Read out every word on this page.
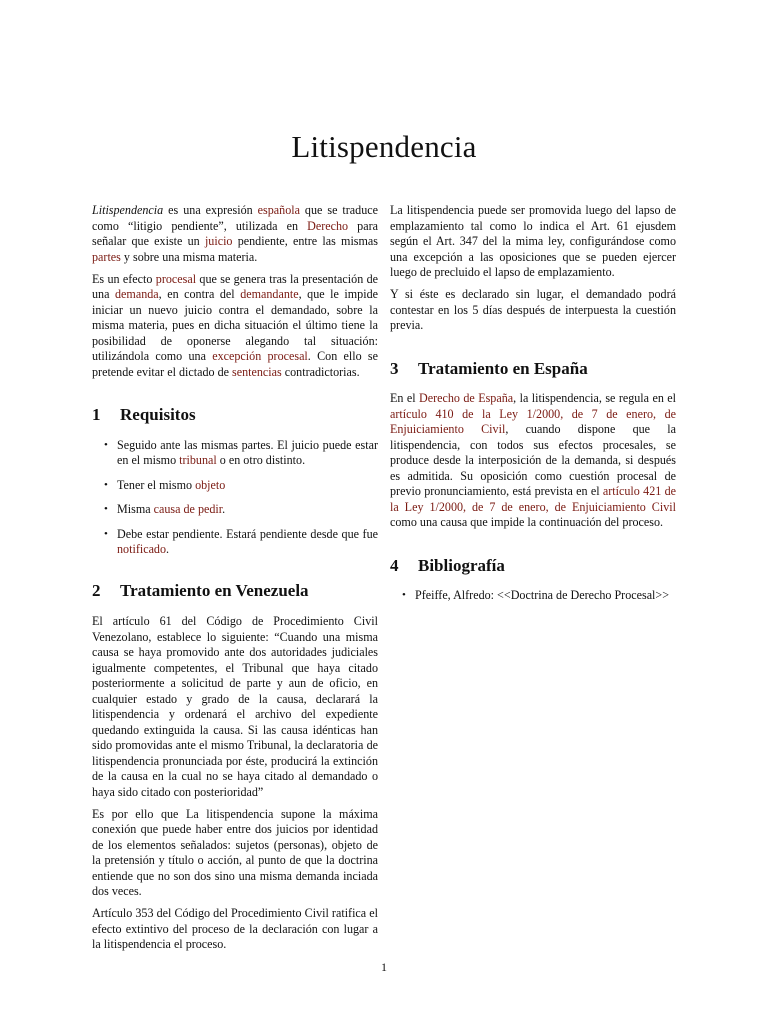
Litispendencia

Litispendencia es una expresión española que se traduce como “litigio pendiente”, utilizada en Derecho para señalar que existe un juicio pendiente, entre las mismas partes y sobre una misma materia.

Es un efecto procesal que se genera tras la presentación de una demanda, en contra del demandante, que le impide iniciar un nuevo juicio contra el demandado, sobre la misma materia, pues en dicha situación el último tiene la posibilidad de oponerse alegando tal situación: utilizándola como una excepción procesal. Con ello se pretende evitar el dictado de sentencias contradictorias.

1 Requisitos
• Seguido ante las mismas partes. El juicio puede estar en el mismo tribunal o en otro distinto.
• Tener el mismo objeto
• Misma causa de pedir.
• Debe estar pendiente. Estará pendiente desde que fue notificado.
2 Tratamiento en Venezuela

El artículo 61 del Código de Procedimiento Civil Venezolano, establece lo siguiente: “Cuando una misma causa se haya promovido ante dos autoridades judiciales igualmente competentes, el Tribunal que haya citado posteriormente a solicitud de parte y aun de oficio, en cualquier estado y grado de la causa, declarará la litispendencia y ordenará el archivo del expediente quedando extinguida la causa. Si las causa idénticas han sido promovidas ante el mismo Tribunal, la declaratoria de litispendencia pronunciada por éste, producirá la extinción de la causa en la cual no se haya citado al demandado o haya sido citado con posterioridad”

Es por ello que La litispendencia supone la máxima conexión que puede haber entre dos juicios por identidad de los elementos señalados: sujetos (personas), objeto de la pretensión y título o acción, al punto de que la doctrina entiende que no son dos sino una misma demanda inciada dos veces.

Artículo 353 del Código del Procedimiento Civil ratifica el efecto extintivo del proceso de la declaración con lugar a la litispendencia el proceso.

La litispendencia puede ser promovida luego del lapso de emplazamiento tal como lo indica el Art. 61 ejusdem según el Art. 347 del la mima ley, configurándose como una excepción a las oposiciones que se pueden ejercer luego de precluido el lapso de emplazamiento.

Y si éste es declarado sin lugar, el demandado podrá contestar en los 5 días después de interpuesta la cuestión previa.

3 Tratamiento en España

En el Derecho de España, la litispendencia, se regula en el artículo 410 de la Ley 1/2000, de 7 de enero, de Enjuiciamiento Civil, cuando dispone que la litispendencia, con todos sus efectos procesales, se produce desde la interposición de la demanda, si después es admitida. Su oposición como cuestión procesal de previo pronunciamiento, está prevista en el artículo 421 de la Ley 1/2000, de 7 de enero, de Enjuiciamiento Civil como una causa que impide la continuación del proceso.

4 Bibliografía
• Pfeiffe, Alfredo: <<Doctrina de Derecho Procesal>>
1
